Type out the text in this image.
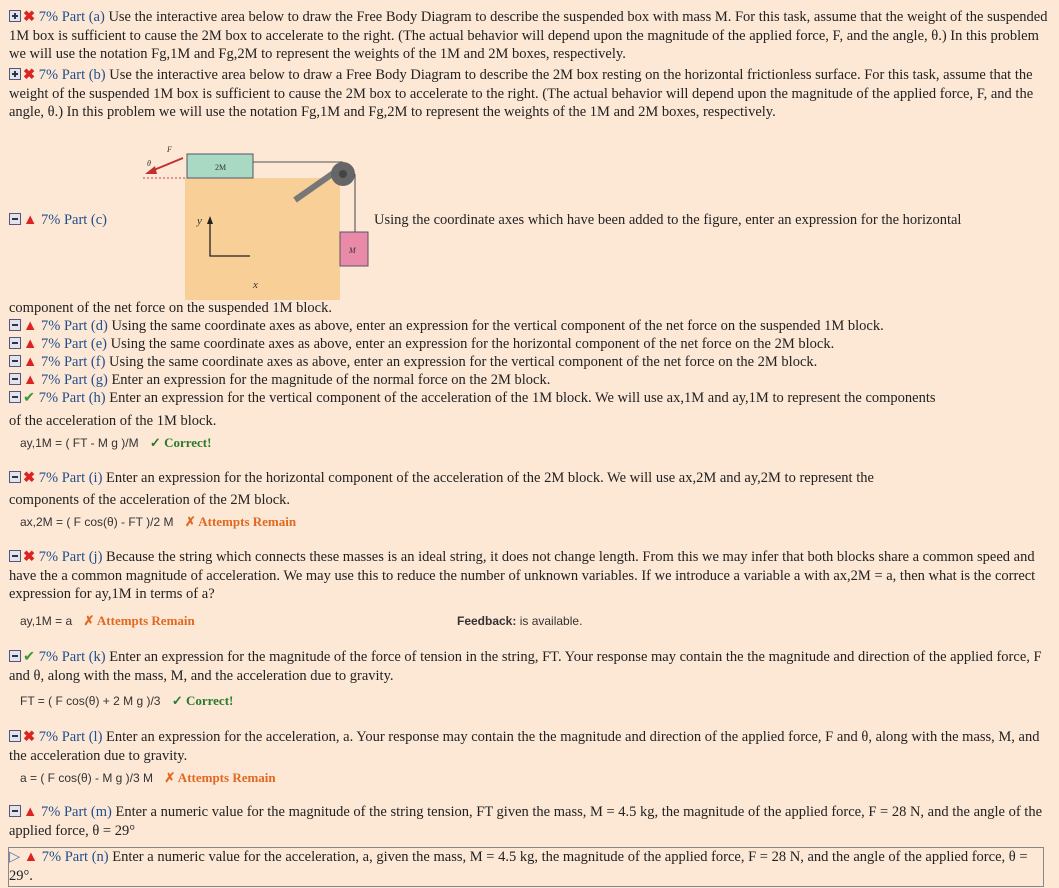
✖ 7% Part (a) Use the interactive area below to draw the Free Body Diagram to describe the suspended box with mass M. For this task, assume that the weight of the suspended 1M box is sufficient to cause the 2M box to accelerate to the right. (The actual behavior will depend upon the magnitude of the applied force, F, and the angle, θ.) In this problem we will use the notation Fg,1M and Fg,2M to represent the weights of the 1M and 2M boxes, respectively.
✖ 7% Part (b) Use the interactive area below to draw a Free Body Diagram to describe the 2M box resting on the horizontal frictionless surface. For this task, assume that the weight of the suspended 1M box is sufficient to cause the 2M box to accelerate to the right. (The actual behavior will depend upon the magnitude of the applied force, F, and the angle, θ.) In this problem we will use the notation Fg,1M and Fg,2M to represent the weights of the 1M and 2M boxes, respectively.
F
θ	2M
M
y
x
▲ 7% Part (c)	Using the coordinate axes which have been added to the figure, enter an expression for the horizontal
component of the net force on the suspended 1M block.
▲ 7% Part (d) Using the same coordinate axes as above, enter an expression for the vertical component of the net force on the suspended 1M block.
▲ 7% Part (e) Using the same coordinate axes as above, enter an expression for the horizontal component of the net force on the 2M block.
▲ 7% Part (f) Using the same coordinate axes as above, enter an expression for the vertical component of the net force on the 2M block.
▲ 7% Part (g) Enter an expression for the magnitude of the normal force on the 2M block.
✔ 7% Part (h) Enter an expression for the vertical component of the acceleration of the 1M block. We will use ax,1M and ay,1M to represent the components
of the acceleration of the 1M block.
ay,1M = ( FT - M g )/M ✓ Correct!
✖ 7% Part (i) Enter an expression for the horizontal component of the acceleration of the 2M block. We will use ax,2M and ay,2M to represent the
components of the acceleration of the 2M block.
ax,2M = ( F cos(θ) - FT )/2 M ✗ Attempts Remain
✖ 7% Part (j) Because the string which connects these masses is an ideal string, it does not change length. From this we may infer that both blocks share a common speed and have the a common magnitude of acceleration. We may use this to reduce the number of unknown variables. If we introduce a variable a with ax,2M = a, then what is the correct expression for ay,1M in terms of a?
ay,1M = a ✗ Attempts Remain	Feedback: is available.
✔ 7% Part (k) Enter an expression for the magnitude of the force of tension in the string, FT. Your response may contain the the magnitude and direction of the applied force, F and θ, along with the mass, M, and the acceleration due to gravity.
FT = ( F cos(θ) + 2 M g )/3 ✓ Correct!
✖ 7% Part (l) Enter an expression for the acceleration, a. Your response may contain the the magnitude and direction of the applied force, F and θ, along with the mass, M, and the acceleration due to gravity.
a = ( F cos(θ) - M g )/3 M ✗ Attempts Remain
▲ 7% Part (m) Enter a numeric value for the magnitude of the string tension, FT given the mass, M = 4.5 kg, the magnitude of the applied force, F = 28 N, and the angle of the applied force, θ = 29°
▷ ▲ 7% Part (n) Enter a numeric value for the acceleration, a, given the mass, M = 4.5 kg, the magnitude of the applied force, F = 28 N, and the angle of the applied force, θ = 29°.
